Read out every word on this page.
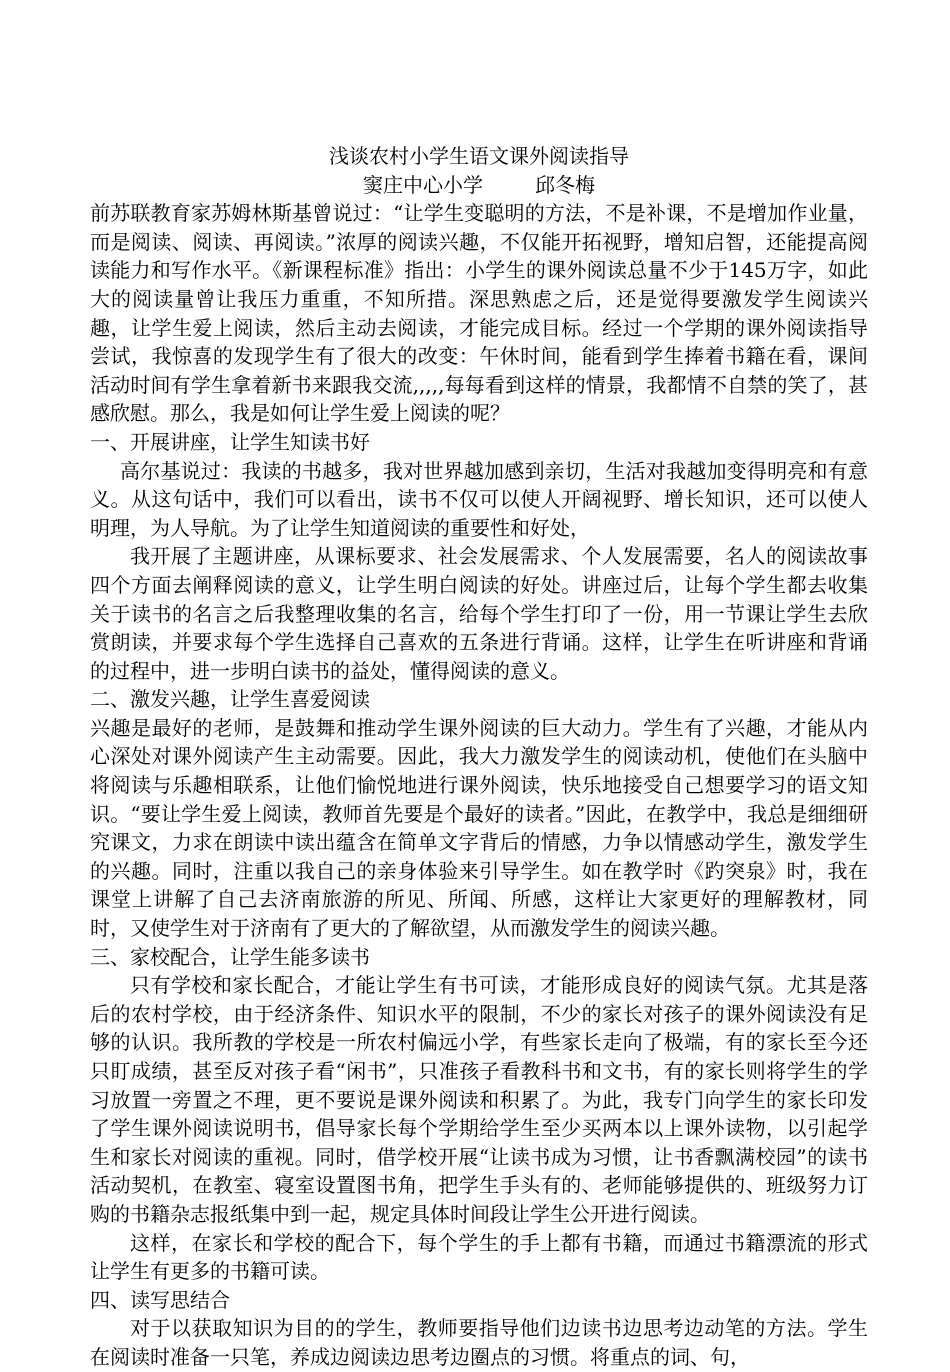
浅谈农村小学生语文课外阅读指导

窦庄中心小学	邱冬梅

前苏联教育家苏姆林斯基曾说过：“让学生变聪明的方法，不是补课，不是增加作业量，而是阅读、阅读、再阅读。”浓厚的阅读兴趣，不仅能开拓视野，增知启智，还能提高阅读能力和写作水平。《新课程标准》指出：小学生的课外阅读总量不少于145万字，如此大的阅读量曾让我压力重重，不知所措。深思熟虑之后，还是觉得要激发学生阅读兴趣，让学生爱上阅读，然后主动去阅读，才能完成目标。经过一个学期的课外阅读指导尝试，我惊喜的发现学生有了很大的改变：午休时间，能看到学生捧着书籍在看，课间活动时间有学生拿着新书来跟我交流,,,,,每每看到这样的情景，我都情不自禁的笑了，甚感欣慰。那么，我是如何让学生爱上阅读的呢？

一、开展讲座，让学生知读书好

高尔基说过：我读的书越多，我对世界越加感到亲切，生活对我越加变得明亮和有意义。从这句话中，我们可以看出，读书不仅可以使人开阔视野、增长知识，还可以使人明理，为人导航。为了让学生知道阅读的重要性和好处，

我开展了主题讲座，从课标要求、社会发展需求、个人发展需要，名人的阅读故事四个方面去阐释阅读的意义，让学生明白阅读的好处。讲座过后，让每个学生都去收集关于读书的名言之后我整理收集的名言，给每个学生打印了一份，用一节课让学生去欣赏朗读，并要求每个学生选择自己喜欢的五条进行背诵。这样，让学生在听讲座和背诵的过程中，进一步明白读书的益处，懂得阅读的意义。

二、激发兴趣，让学生喜爱阅读

兴趣是最好的老师，是鼓舞和推动学生课外阅读的巨大动力。学生有了兴趣，才能从内心深处对课外阅读产生主动需要。因此，我大力激发学生的阅读动机，使他们在头脑中将阅读与乐趣相联系，让他们愉悦地进行课外阅读，快乐地接受自己想要学习的语文知识。“要让学生爱上阅读，教师首先要是个最好的读者。”因此，在教学中，我总是细细研究课文，力求在朗读中读出蕴含在简单文字背后的情感，力争以情感动学生，激发学生的兴趣。同时，注重以我自己的亲身体验来引导学生。如在教学时《趵突泉》时，我在课堂上讲解了自己去济南旅游的所见、所闻、所感，这样让大家更好的理解教材，同时，又使学生对于济南有了更大的了解欲望，从而激发学生的阅读兴趣。

三、家校配合，让学生能多读书

只有学校和家长配合，才能让学生有书可读，才能形成良好的阅读气氛。尤其是落后的农村学校，由于经济条件、知识水平的限制，不少的家长对孩子的课外阅读没有足够的认识。我所教的学校是一所农村偏远小学，有些家长走向了极端，有的家长至今还只盯成绩，甚至反对孩子看“闲书”，只准孩子看教科书和文书，有的家长则将学生的学习放置一旁置之不理，更不要说是课外阅读和积累了。为此，我专门向学生的家长印发了学生课外阅读说明书，倡导家长每个学期给学生至少买两本以上课外读物，以引起学生和家长对阅读的重视。同时，借学校开展“让读书成为习惯，让书香飘满校园”的读书活动契机，在教室、寝室设置图书角，把学生手头有的、老师能够提供的、班级努力订购的书籍杂志报纸集中到一起，规定具体时间段让学生公开进行阅读。

这样，在家长和学校的配合下，每个学生的手上都有书籍，而通过书籍漂流的形式让学生有更多的书籍可读。

四、读写思结合

对于以获取知识为目的的学生，教师要指导他们边读书边思考边动笔的方法。学生在阅读时准备一只笔，养成边阅读边思考边圈点的习惯。将重点的词、句，
